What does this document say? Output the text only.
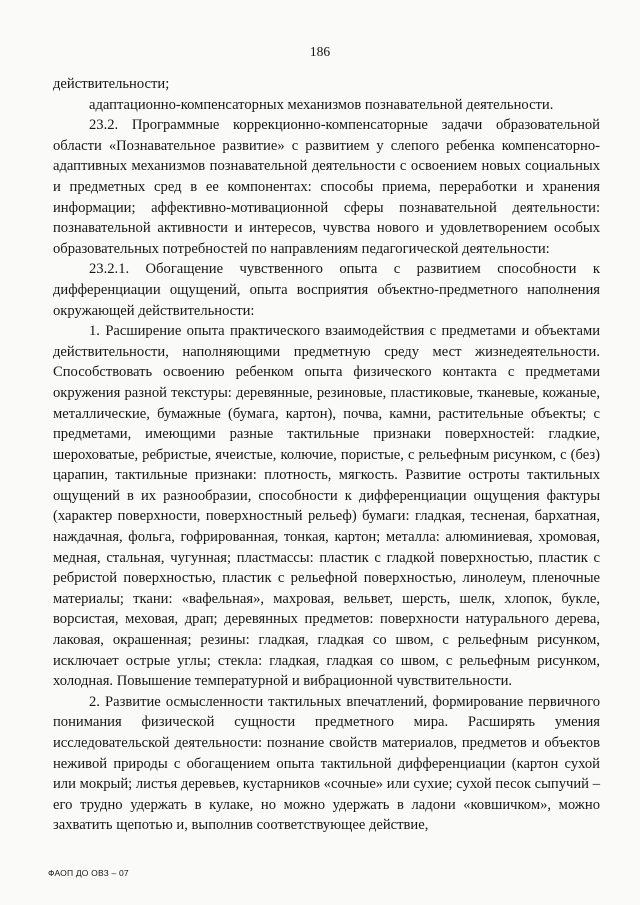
186

действительности;

адаптационно-компенсаторных механизмов познавательной деятельности.

23.2. Программные коррекционно-компенсаторные задачи образовательной области «Познавательное развитие» с развитием у слепого ребенка компенсаторно-адаптивных механизмов познавательной деятельности с освоением новых социальных и предметных сред в ее компонентах: способы приема, переработки и хранения информации; аффективно-мотивационной сферы познавательной деятельности: познавательной активности и интересов, чувства нового и удовлетворением особых образовательных потребностей по направлениям педагогической деятельности:

23.2.1. Обогащение чувственного опыта с развитием способности к дифференциации ощущений, опыта восприятия объектно-предметного наполнения окружающей действительности:

1. Расширение опыта практического взаимодействия с предметами и объектами действительности, наполняющими предметную среду мест жизнедеятельности. Способствовать освоению ребенком опыта физического контакта с предметами окружения разной текстуры: деревянные, резиновые, пластиковые, тканевые, кожаные, металлические, бумажные (бумага, картон), почва, камни, растительные объекты; с предметами, имеющими разные тактильные признаки поверхностей: гладкие, шероховатые, ребристые, ячеистые, колючие, пористые, с рельефным рисунком, с (без) царапин, тактильные признаки: плотность, мягкость. Развитие остроты тактильных ощущений в их разнообразии, способности к дифференциации ощущения фактуры (характер поверхности, поверхностный рельеф) бумаги: гладкая, тесненая, бархатная, наждачная, фольга, гофрированная, тонкая, картон; металла: алюминиевая, хромовая, медная, стальная, чугунная; пластмассы: пластик с гладкой поверхностью, пластик с ребристой поверхностью, пластик с рельефной поверхностью, линолеум, пленочные материалы; ткани: «вафельная», махровая, вельвет, шерсть, шелк, хлопок, букле, ворсистая, меховая, драп; деревянных предметов: поверхности натурального дерева, лаковая, окрашенная; резины: гладкая, гладкая со швом, с рельефным рисунком, исключает острые углы; стекла: гладкая, гладкая со швом, с рельефным рисунком, холодная. Повышение температурной и вибрационной чувствительности.

2. Развитие осмысленности тактильных впечатлений, формирование первичного понимания физической сущности предметного мира. Расширять умения исследовательской деятельности: познание свойств материалов, предметов и объектов неживой природы с обогащением опыта тактильной дифференциации (картон сухой или мокрый; листья деревьев, кустарников «сочные» или сухие; сухой песок сыпучий – его трудно удержать в кулаке, но можно удержать в ладони «ковшичком», можно захватить щепотью и, выполнив соответствующее действие,

ФАОП ДО ОВЗ – 07
